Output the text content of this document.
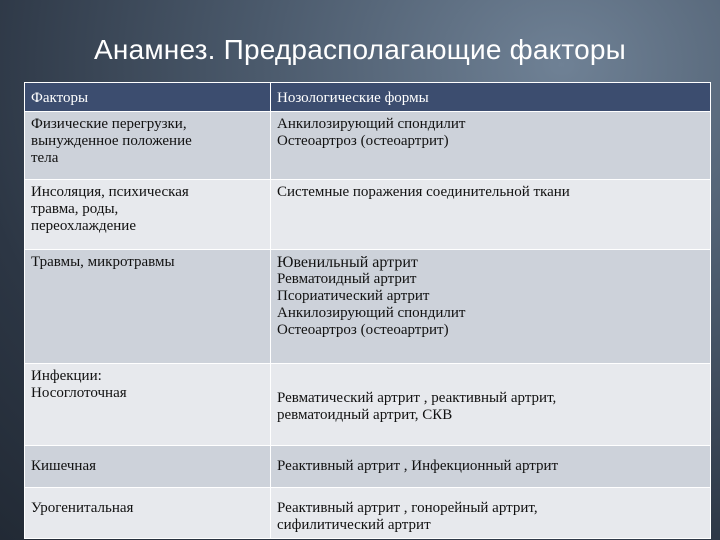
Анамнез. Предрасполагающие факторы
Факторы	Нозологические формы

Физические перегрузки,
вынужденное положение
тела	Анкилозирующий спондилит
Остеоартроз (остеоартрит)

Инсоляция, психическая
травма, роды,
переохлаждение	Системные поражения соединительной ткани

Травмы, микротравмы	Ювенильный артрит
Ревматоидный артрит
Псориатический артрит
Анкилозирующий спондилит
Остеоартроз (остеоартрит)

Инфекции:
Носоглоточная	Ревматический артрит , реактивный артрит,
ревматоидный артрит, СКВ

Кишечная	Реактивный артрит , Инфекционный артрит

Урогенитальная	Реактивный артрит , гонорейный артрит,
сифилитический артрит
